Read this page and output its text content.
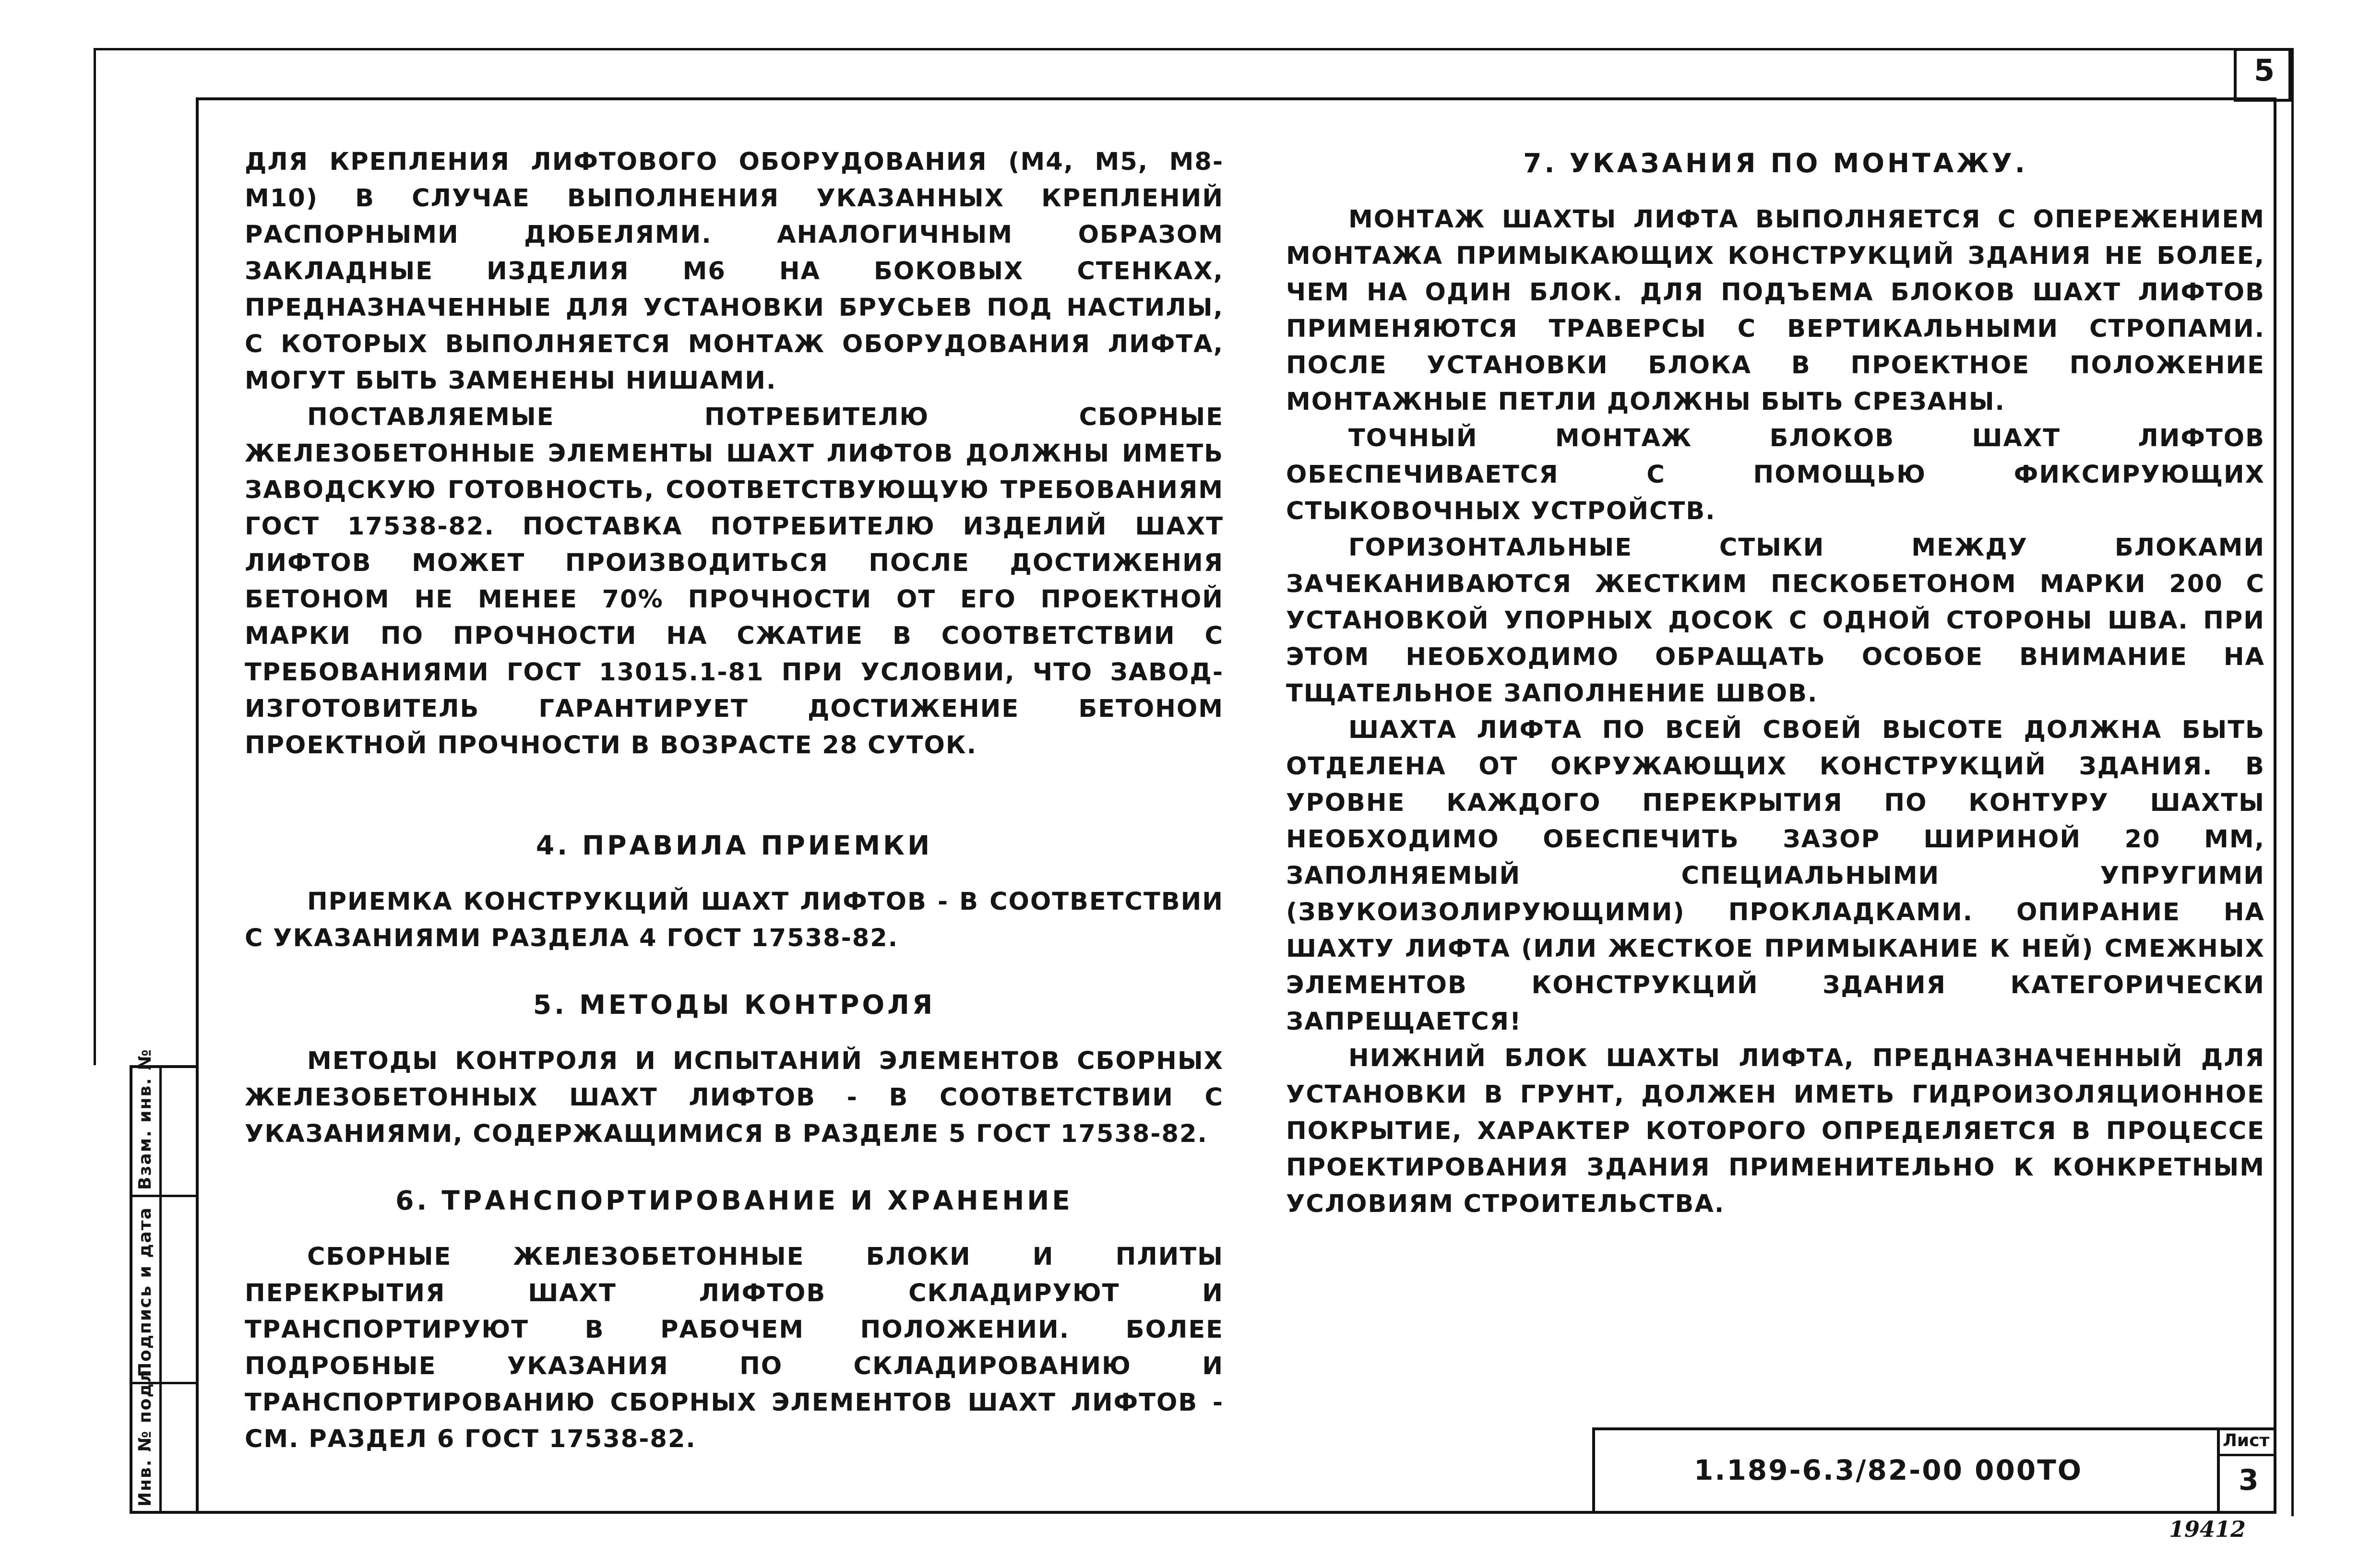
5
Инв. № подл.
Подпись и дата
Взам. инв. №

ДЛЯ КРЕПЛЕНИЯ ЛИФТОВОГО ОБОРУДОВАНИЯ (М4, М5, М8-М10) В СЛУЧАЕ ВЫПОЛНЕНИЯ УКАЗАННЫХ КРЕПЛЕНИЙ РАСПОРНЫМИ ДЮБЕЛЯМИ. АНАЛОГИЧНЫМ ОБРАЗОМ ЗАКЛАДНЫЕ ИЗДЕЛИЯ М6 НА БОКОВЫХ СТЕНКАХ, ПРЕДНАЗНАЧЕННЫЕ ДЛЯ УСТАНОВКИ БРУСЬЕВ ПОД НАСТИЛЫ, С КОТОРЫХ ВЫПОЛНЯЕТСЯ МОНТАЖ ОБОРУДОВАНИЯ ЛИФТА, МОГУТ БЫТЬ ЗАМЕНЕНЫ НИШАМИ.

ПОСТАВЛЯЕМЫЕ ПОТРЕБИТЕЛЮ СБОРНЫЕ ЖЕЛЕЗОБЕТОННЫЕ ЭЛЕМЕНТЫ ШАХТ ЛИФТОВ ДОЛЖНЫ ИМЕТЬ ЗАВОДСКУЮ ГОТОВНОСТЬ, СООТВЕТСТВУЮЩУЮ ТРЕБОВАНИЯМ ГОСТ 17538-82. ПОСТАВКА ПОТРЕБИТЕЛЮ ИЗДЕЛИЙ ШАХТ ЛИФТОВ МОЖЕТ ПРОИЗВОДИТЬСЯ ПОСЛЕ ДОСТИЖЕНИЯ БЕТОНОМ НЕ МЕНЕЕ 70% ПРОЧНОСТИ ОТ ЕГО ПРОЕКТНОЙ МАРКИ ПО ПРОЧНОСТИ НА СЖАТИЕ В СООТВЕТСТВИИ С ТРЕБОВАНИЯМИ ГОСТ 13015.1-81 ПРИ УСЛОВИИ, ЧТО ЗАВОД-ИЗГОТОВИТЕЛЬ ГАРАНТИРУЕТ ДОСТИЖЕНИЕ БЕТОНОМ ПРОЕКТНОЙ ПРОЧНОСТИ В ВОЗРАСТЕ 28 СУТОК.

4. ПРАВИЛА ПРИЕМКИ

ПРИЕМКА КОНСТРУКЦИЙ ШАХТ ЛИФТОВ - В СООТВЕТСТВИИ С УКАЗАНИЯМИ РАЗДЕЛА 4 ГОСТ 17538-82.

5. МЕТОДЫ КОНТРОЛЯ

МЕТОДЫ КОНТРОЛЯ И ИСПЫТАНИЙ ЭЛЕМЕНТОВ СБОРНЫХ ЖЕЛЕЗОБЕТОННЫХ ШАХТ ЛИФТОВ - В СООТВЕТСТВИИ С УКАЗАНИЯМИ, СОДЕРЖАЩИМИСЯ В РАЗДЕЛЕ 5 ГОСТ 17538-82.

6. ТРАНСПОРТИРОВАНИЕ И ХРАНЕНИЕ

СБОРНЫЕ ЖЕЛЕЗОБЕТОННЫЕ БЛОКИ И ПЛИТЫ ПЕРЕКРЫТИЯ ШАХТ ЛИФТОВ СКЛАДИРУЮТ И ТРАНСПОРТИРУЮТ В РАБОЧЕМ ПОЛОЖЕНИИ. БОЛЕЕ ПОДРОБНЫЕ УКАЗАНИЯ ПО СКЛАДИРОВАНИЮ И ТРАНСПОРТИРОВАНИЮ СБОРНЫХ ЭЛЕМЕНТОВ ШАХТ ЛИФТОВ - СМ. РАЗДЕЛ 6 ГОСТ 17538-82.

7. УКАЗАНИЯ ПО МОНТАЖУ.

МОНТАЖ ШАХТЫ ЛИФТА ВЫПОЛНЯЕТСЯ С ОПЕРЕЖЕНИЕМ МОНТАЖА ПРИМЫКАЮЩИХ КОНСТРУКЦИЙ ЗДАНИЯ НЕ БОЛЕЕ, ЧЕМ НА ОДИН БЛОК. ДЛЯ ПОДЪЕМА БЛОКОВ ШАХТ ЛИФТОВ ПРИМЕНЯЮТСЯ ТРАВЕРСЫ С ВЕРТИКАЛЬНЫМИ СТРОПАМИ. ПОСЛЕ УСТАНОВКИ БЛОКА В ПРОЕКТНОЕ ПОЛОЖЕНИЕ МОНТАЖНЫЕ ПЕТЛИ ДОЛЖНЫ БЫТЬ СРЕЗАНЫ.

ТОЧНЫЙ МОНТАЖ БЛОКОВ ШАХТ ЛИФТОВ ОБЕСПЕЧИВАЕТСЯ С ПОМОЩЬЮ ФИКСИРУЮЩИХ СТЫКОВОЧНЫХ УСТРОЙСТВ.

ГОРИЗОНТАЛЬНЫЕ СТЫКИ МЕЖДУ БЛОКАМИ ЗАЧЕКАНИВАЮТСЯ ЖЕСТКИМ ПЕСКОБЕТОНОМ МАРКИ 200 С УСТАНОВКОЙ УПОРНЫХ ДОСОК С ОДНОЙ СТОРОНЫ ШВА. ПРИ ЭТОМ НЕОБХОДИМО ОБРАЩАТЬ ОСОБОЕ ВНИМАНИЕ НА ТЩАТЕЛЬНОЕ ЗАПОЛНЕНИЕ ШВОВ.

ШАХТА ЛИФТА ПО ВСЕЙ СВОЕЙ ВЫСОТЕ ДОЛЖНА БЫТЬ ОТДЕЛЕНА ОТ ОКРУЖАЮЩИХ КОНСТРУКЦИЙ ЗДАНИЯ. В УРОВНЕ КАЖДОГО ПЕРЕКРЫТИЯ ПО КОНТУРУ ШАХТЫ НЕОБХОДИМО ОБЕСПЕЧИТЬ ЗАЗОР ШИРИНОЙ 20 ММ, ЗАПОЛНЯЕМЫЙ СПЕЦИАЛЬНЫМИ УПРУГИМИ (ЗВУКОИЗОЛИРУЮЩИМИ) ПРОКЛАДКАМИ. ОПИРАНИЕ НА ШАХТУ ЛИФТА (ИЛИ ЖЕСТКОЕ ПРИМЫКАНИЕ К НЕЙ) СМЕЖНЫХ ЭЛЕМЕНТОВ КОНСТРУКЦИЙ ЗДАНИЯ КАТЕГОРИЧЕСКИ ЗАПРЕЩАЕТСЯ!

НИЖНИЙ БЛОК ШАХТЫ ЛИФТА, ПРЕДНАЗНАЧЕННЫЙ ДЛЯ УСТАНОВКИ В ГРУНТ, ДОЛЖЕН ИМЕТЬ ГИДРОИЗОЛЯЦИОННОЕ ПОКРЫТИЕ, ХАРАКТЕР КОТОРОГО ОПРЕДЕЛЯЕТСЯ В ПРОЦЕССЕ ПРОЕКТИРОВАНИЯ ЗДАНИЯ ПРИМЕНИТЕЛЬНО К КОНКРЕТНЫМ УСЛОВИЯМ СТРОИТЕЛЬСТВА.

1.189-6.3/82-00 000ТО
Лист
3
19412
